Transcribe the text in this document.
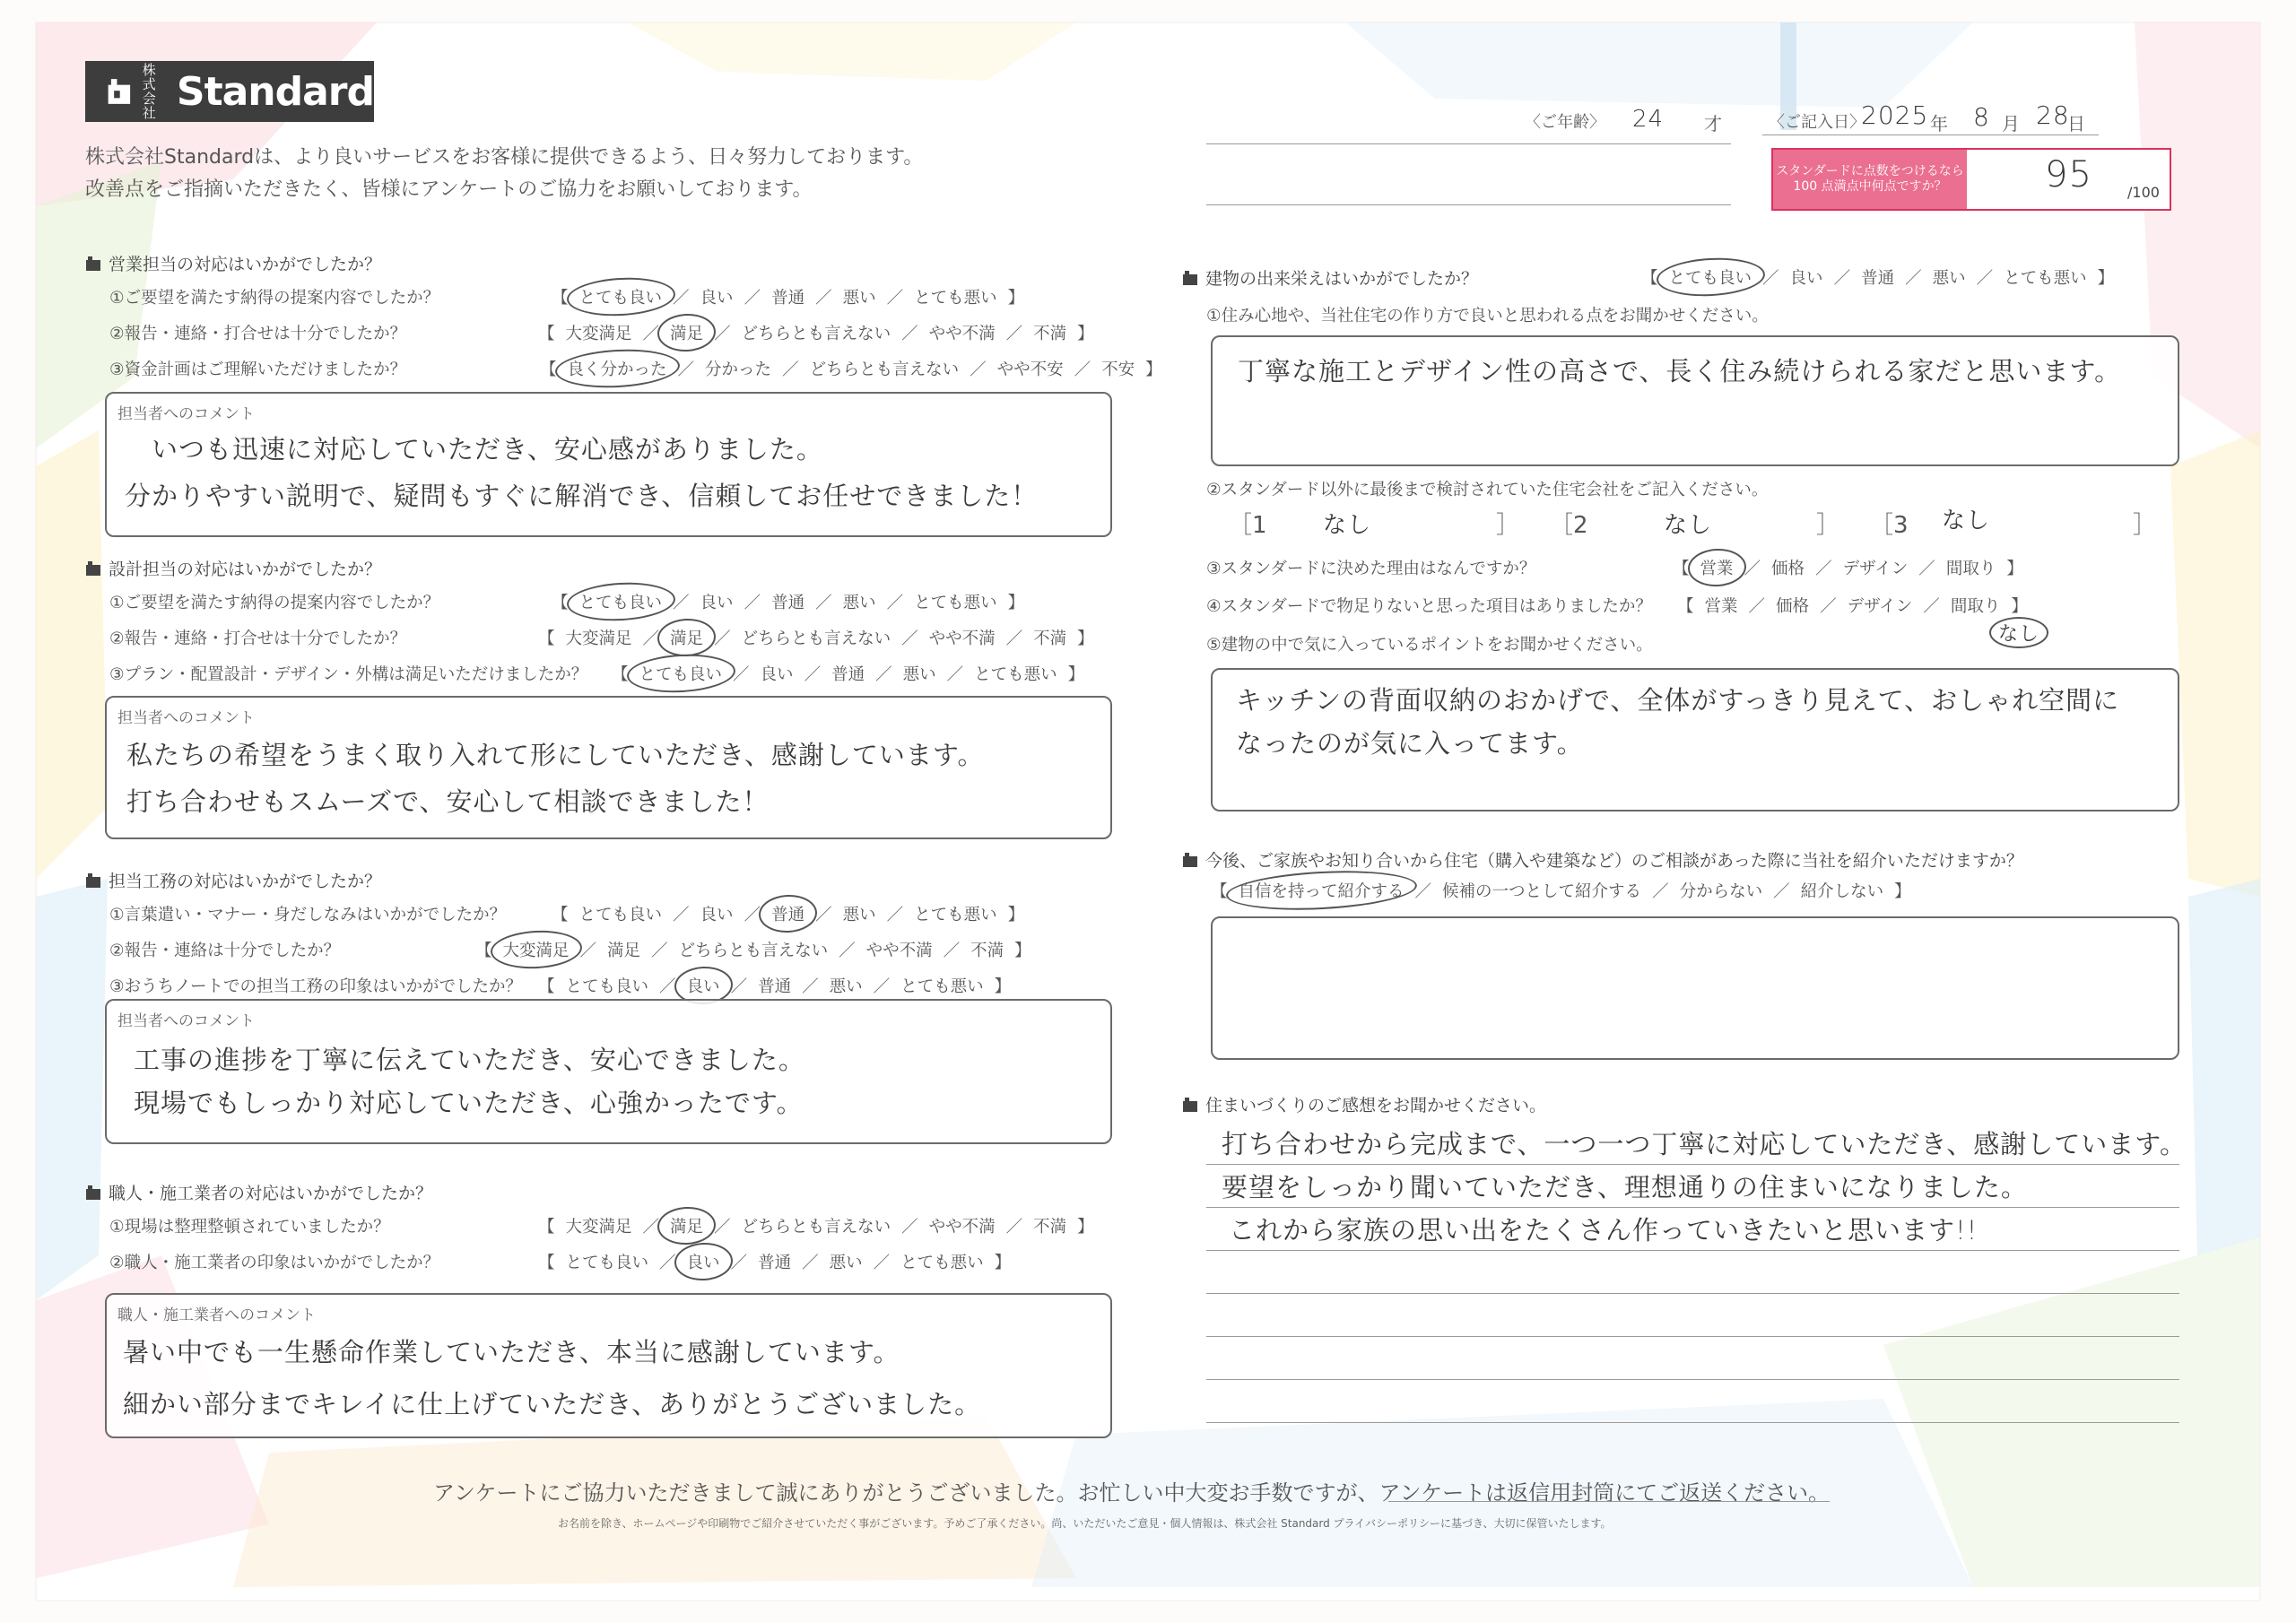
株式会社 Standard
株式会社Standardは、より良いサービスをお客様に提供できるよう、日々努力しております。
改善点をご指摘いただきたく、皆様にアンケートのご協力をお願いしております。
〈ご年齢〉 24 才	〈ご記入日〉
2025 年 8 月 28
日
スタンダードに点数をつけるなら 100 点満点中何点ですか？	95 /100
営業担当の対応はいかがでしたか？
①ご要望を満たす納得の提案内容でしたか？	【 とても良い ／ 良い ／ 普通 ／ 悪い ／ とても悪い 】
②報告・連絡・打合せは十分でしたか？	【 大変満足 ／ 満足 ／ どちらとも言えない ／ やや不満 ／ 不満 】
③資金計画はご理解いただけましたか？	【 良く分かった ／ 分かった ／ どちらとも言えない ／ やや不安 ／ 不安 】
担当者へのコメント
いつも迅速に対応していただき、安心感がありました。
分かりやすい説明で、疑問もすぐに解消でき、信頼してお任せできました！
設計担当の対応はいかがでしたか？
①ご要望を満たす納得の提案内容でしたか？	【 とても良い ／ 良い ／ 普通 ／ 悪い ／ とても悪い 】
②報告・連絡・打合せは十分でしたか？	【 大変満足 ／ 満足 ／ どちらとも言えない ／ やや不満 ／ 不満 】
③プラン・配置設計・デザイン・外構は満足いただけましたか？	【 とても良い ／ 良い ／ 普通 ／ 悪い ／ とても悪い 】
担当者へのコメント
私たちの希望をうまく取り入れて形にしていただき、感謝しています。
打ち合わせもスムーズで、安心して相談できました！
担当工務の対応はいかがでしたか？
①言葉遣い・マナー・身だしなみはいかがでしたか？	【 とても良い ／ 良い ／ 普通 ／ 悪い ／ とても悪い 】
②報告・連絡は十分でしたか？	【 大変満足 ／ 満足 ／ どちらとも言えない ／ やや不満 ／ 不満 】
③おうちノートでの担当工務の印象はいかがでしたか？ 【 とても良い ／ 良い ／ 普通 ／ 悪い ／ とても悪い 】
担当者へのコメント
工事の進捗を丁寧に伝えていただき、安心できました。
現場でもしっかり対応していただき、心強かったです。
職人・施工業者の対応はいかがでしたか？
①現場は整理整頓されていましたか？	【 大変満足 ／ 満足 ／ どちらとも言えない ／ やや不満 ／ 不満 】
②職人・施工業者の印象はいかがでしたか？	【 とても良い ／ 良い ／ 普通 ／ 悪い ／ とても悪い 】
職人・施工業者へのコメント
暑い中でも一生懸命作業していただき、本当に感謝しています。
細かい部分までキレイに仕上げていただき、ありがとうございました。
建物の出来栄えはいかがでしたか？	【 とても良い ／ 良い ／ 普通 ／ 悪い ／ とても悪い 】
①住み心地や、当社住宅の作り方で良いと思われる点をお聞かせください。
丁寧な施工とデザイン性の高さで、長く住み続けられる家だと思います。
②スタンダード以外に最後まで検討されていた住宅会社をご記入ください。
［1 なし	］ ［2	なし	］ ［3 なし	］
③スタンダードに決めた理由はなんですか？	【 営業 ／ 価格 ／ デザイン ／ 間取り 】
④スタンダードで物足りないと思った項目はありましたか？	【 営業 ／ 価格 ／ デザイン ／ 間取り 】
なし
⑤建物の中で気に入っているポイントをお聞かせください。
キッチンの背面収納のおかげで、全体がすっきり見えて、おしゃれ空間に
なったのが気に入ってます。
今後、ご家族やお知り合いから住宅（購入や建築など）のご相談があった際に当社を紹介いただけますか？
【 自信を持って紹介する ／ 候補の一つとして紹介する ／ 分からない ／ 紹介しない 】
住まいづくりのご感想をお聞かせください。
打ち合わせから完成まで、一つ一つ丁寧に対応していただき、感謝しています。
要望をしっかり聞いていただき、理想通りの住まいになりました。
これから家族の思い出をたくさん作っていきたいと思います!!
アンケートにご協力いただきまして誠にありがとうございました。お忙しい中大変お手数ですが、アンケートは返信用封筒にてご返送ください。
お名前を除き、ホームページや印刷物でご紹介させていただく事がございます。予めご了承ください。尚、いただいたご意見・個人情報は、株式会社 Standard プライバシーポリシーに基づき、大切に保管いたします。
